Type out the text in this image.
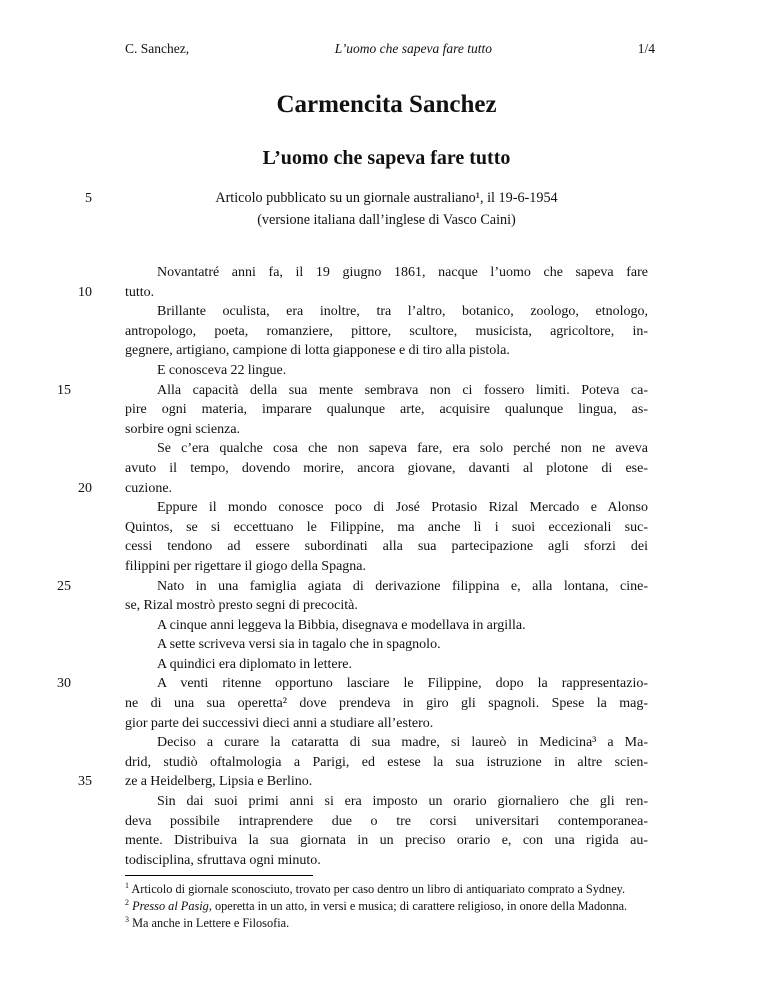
C. Sanchez,	L’uomo che sapeva fare tutto	1/4
Carmencita Sanchez
L’uomo che sapeva fare tutto
5	Articolo pubblicato su un giornale australiano¹, il 19-6-1954
(versione italiana dall’inglese di Vasco Caini)
Novantatré anni fa, il 19 giugno 1861, nacque l’uomo che sapeva fare
10 tutto.
Brillante oculista, era inoltre, tra l’altro, botanico, zoologo, etnologo,
antropologo, poeta, romanziere, pittore, scultore, musicista, agricoltore, in-
gegnere, artigiano, campione di lotta giapponese e di tiro alla pistola.
E conosceva 22 lingue.
15	Alla capacità della sua mente sembrava non ci fossero limiti. Poteva ca-
pire ogni materia, imparare qualunque arte, acquisire qualunque lingua, as-
sorbire ogni scienza.
Se c’era qualche cosa che non sapeva fare, era solo perché non ne aveva
avuto il tempo, dovendo morire, ancora giovane, davanti al plotone di ese-
20 cuzione.
Eppure il mondo conosce poco di José Protasio Rizal Mercado e Alonso
Quintos, se si eccettuano le Filippine, ma anche lì i suoi eccezionali suc-
cessi tendono ad essere subordinati alla sua partecipazione agli sforzi dei
filippini per rigettare il giogo della Spagna.
25	Nato in una famiglia agiata di derivazione filippina e, alla lontana, cine-
se, Rizal mostrò presto segni di precocità.
A cinque anni leggeva la Bibbia, disegnava e modellava in argilla.
A sette scriveva versi sia in tagalo che in spagnolo.
A quindici era diplomato in lettere.
30	A venti ritenne opportuno lasciare le Filippine, dopo la rappresentazio-
ne di una sua operetta² dove prendeva in giro gli spagnoli. Spese la mag-
gior parte dei successivi dieci anni a studiare all’estero.
Deciso a curare la cataratta di sua madre, si laureò in Medicina³ a Ma-
drid, studiò oftalmologia a Parigi, ed estese la sua istruzione in altre scien-
35 ze a Heidelberg, Lipsia e Berlino.
Sin dai suoi primi anni si era imposto un orario giornaliero che gli ren-
deva possibile intraprendere due o tre corsi universitari contemporanea-
mente. Distribuiva la sua giornata in un preciso orario e, con una rigida au-
todisciplina, sfruttava ogni minuto.
$^1$ Articolo di giornale sconosciuto, trovato per caso dentro un libro di antiquariato comprato a Sydney.
$^2$ Presso al Pasig, operetta in un atto, in versi e musica; di carattere religioso, in onore della Madonna.
$^3$ Ma anche in Lettere e Filosofia.
